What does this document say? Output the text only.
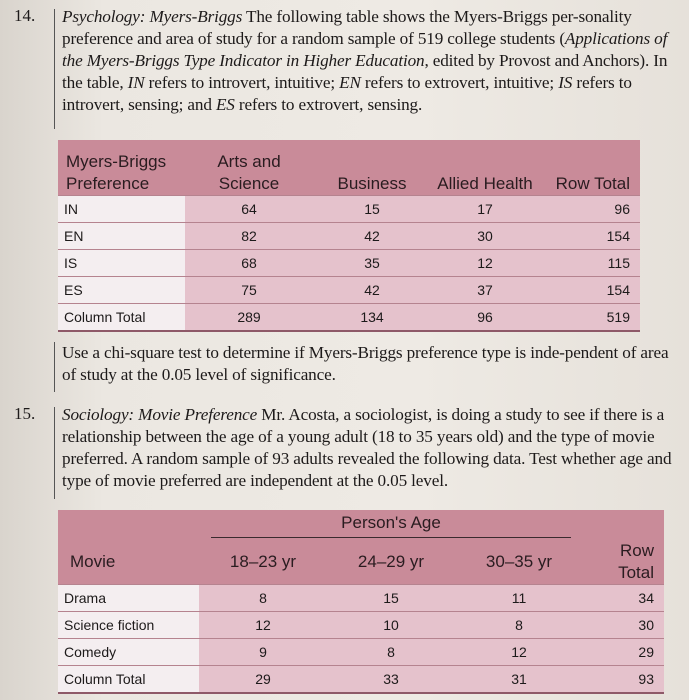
14. Psychology: Myers-Briggs The following table shows the Myers-Briggs per-sonality preference and area of study for a random sample of 519 college students (Applications of the Myers-Briggs Type Indicator in Higher Education, edited by Provost and Anchors). In the table, IN refers to introvert, intuitive; EN refers to extrovert, intuitive; IS refers to introvert, sensing; and ES refers to extrovert, sensing.
Myers-Briggs Preference	Arts and Science	Business	Allied Health	Row Total
IN	64	15	17	96
EN	82	42	30	154
IS	68	35	12	115
ES	75	42	37	154
Column Total	289	134	96	519
Use a chi-square test to determine if Myers-Briggs preference type is inde-pendent of area of study at the 0.05 level of significance.
15. Sociology: Movie Preference Mr. Acosta, a sociologist, is doing a study to see if there is a relationship between the age of a young adult (18 to 35 years old) and the type of movie preferred. A random sample of 93 adults revealed the following data. Test whether age and type of movie preferred are independent at the 0.05 level.
	Person's Age			
Movie	18–23 yr	24–29 yr	30–35 yr	Row Total
Drama	8	15	11	34
Science fiction	12	10	8	30
Comedy	9	8	12	29
Column Total	29	33	31	93
